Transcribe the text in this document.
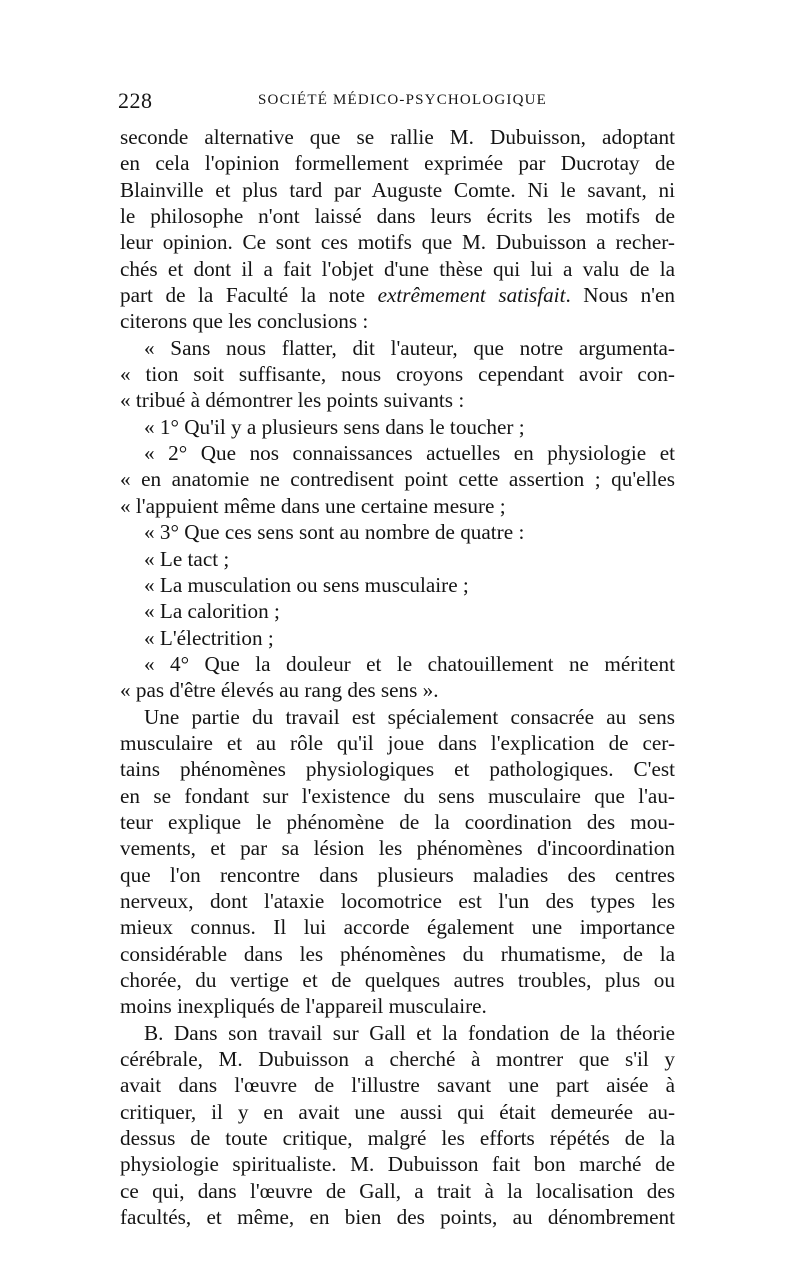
228	SOCIÉTÉ MÉDICO-PSYCHOLOGIQUE
seconde alternative que se rallie M. Dubuisson, adoptant
en cela l'opinion formellement exprimée par Ducrotay de
Blainville et plus tard par Auguste Comte. Ni le savant, ni
le philosophe n'ont laissé dans leurs écrits les motifs de
leur opinion. Ce sont ces motifs que M. Dubuisson a recher-
chés et dont il a fait l'objet d'une thèse qui lui a valu de la
part de la Faculté la note extrêmement satisfait. Nous n'en
citerons que les conclusions :
« Sans nous flatter, dit l'auteur, que notre argumenta-
« tion soit suffisante, nous croyons cependant avoir con-
« tribué à démontrer les points suivants :
« 1° Qu'il y a plusieurs sens dans le toucher ;
« 2° Que nos connaissances actuelles en physiologie et
« en anatomie ne contredisent point cette assertion ; qu'elles
« l'appuient même dans une certaine mesure ;
« 3° Que ces sens sont au nombre de quatre :
« Le tact ;
« La musculation ou sens musculaire ;
« La calorition ;
« L'électrition ;
« 4° Que la douleur et le chatouillement ne méritent
« pas d'être élevés au rang des sens ».
Une partie du travail est spécialement consacrée au sens
musculaire et au rôle qu'il joue dans l'explication de cer-
tains phénomènes physiologiques et pathologiques. C'est
en se fondant sur l'existence du sens musculaire que l'au-
teur explique le phénomène de la coordination des mou-
vements, et par sa lésion les phénomènes d'incoordination
que l'on rencontre dans plusieurs maladies des centres
nerveux, dont l'ataxie locomotrice est l'un des types les
mieux connus. Il lui accorde également une importance
considérable dans les phénomènes du rhumatisme, de la
chorée, du vertige et de quelques autres troubles, plus ou
moins inexpliqués de l'appareil musculaire.
B. Dans son travail sur Gall et la fondation de la théorie
cérébrale, M. Dubuisson a cherché à montrer que s'il y
avait dans l'œuvre de l'illustre savant une part aisée à
critiquer, il y en avait une aussi qui était demeurée au-
dessus de toute critique, malgré les efforts répétés de la
physiologie spiritualiste. M. Dubuisson fait bon marché de
ce qui, dans l'œuvre de Gall, a trait à la localisation des
facultés, et même, en bien des points, au dénombrement
